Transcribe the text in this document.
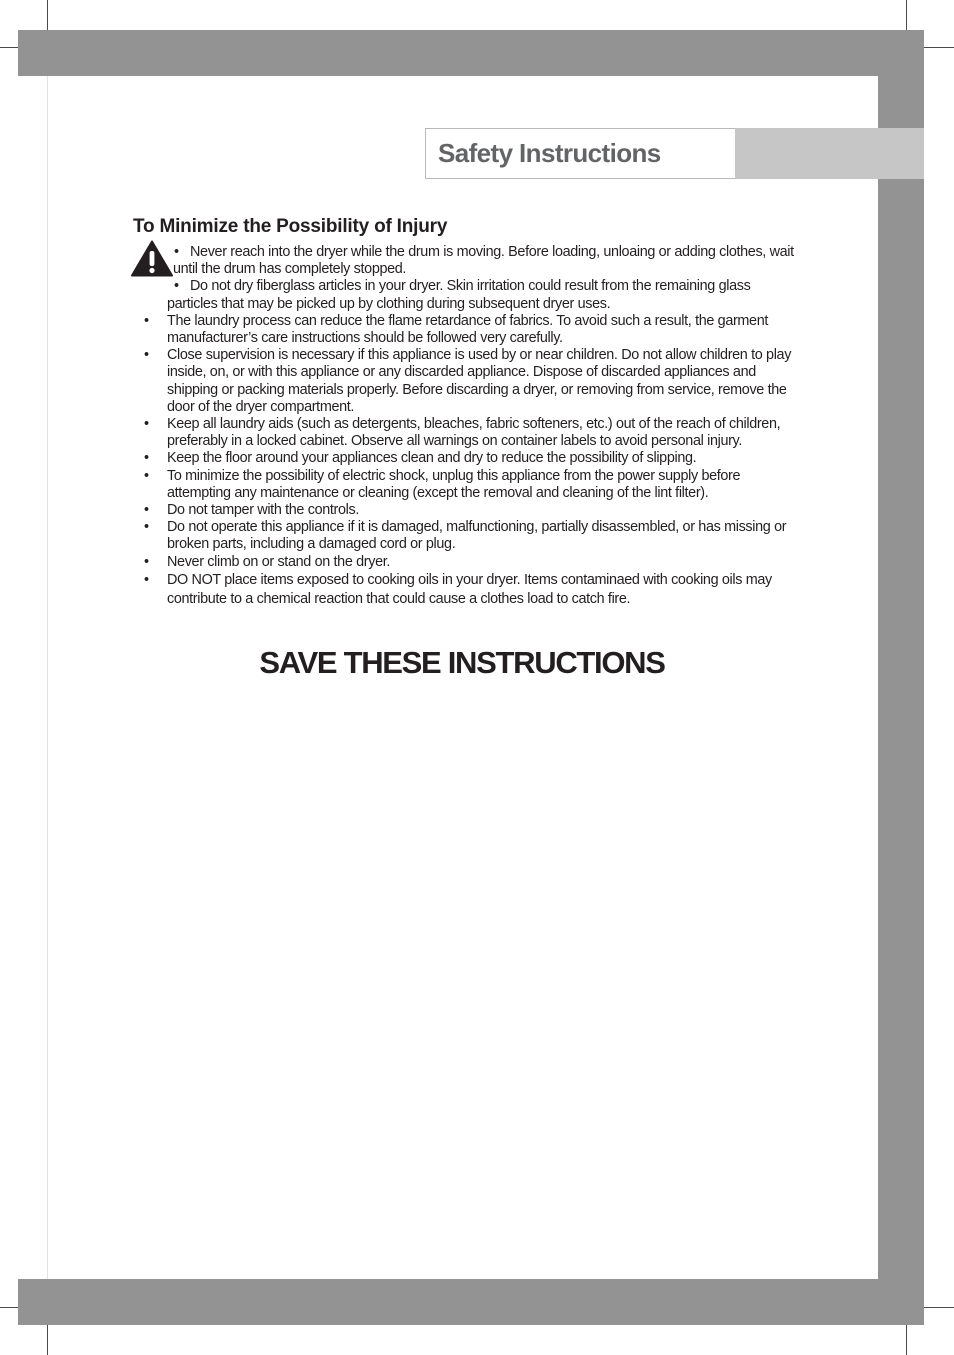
Safety Instructions
To Minimize the Possibility of Injury
• Never reach into the dryer while the drum is moving. Before loading, unloaing or adding clothes, wait until the drum has completely stopped.
• Do not dry fiberglass articles in your dryer. Skin irritation could result from the remaining glass particles that may be picked up by clothing during subsequent dryer uses.
• The laundry process can reduce the flame retardance of fabrics. To avoid such a result, the garment manufacturer’s care instructions should be followed very carefully.
• Close supervision is necessary if this appliance is used by or near children. Do not allow children to play inside, on, or with this appliance or any discarded appliance. Dispose of discarded appliances and shipping or packing materials properly. Before discarding a dryer, or removing from service, remove the door of the dryer compartment.
• Keep all laundry aids (such as detergents, bleaches, fabric softeners, etc.) out of the reach of children, preferably in a locked cabinet. Observe all warnings on container labels to avoid personal injury.
• Keep the floor around your appliances clean and dry to reduce the possibility of slipping.
• To minimize the possibility of electric shock, unplug this appliance from the power supply before attempting any maintenance or cleaning (except the removal and cleaning of the lint filter).
• Do not tamper with the controls.
• Do not operate this appliance if it is damaged, malfunctioning, partially disassembled, or has missing or broken parts, including a damaged cord or plug.
• Never climb on or stand on the dryer.
• DO NOT place items exposed to cooking oils in your dryer. Items contaminaed with cooking oils may contribute to a chemical reaction that could cause a clothes load to catch fire.
SAVE THESE INSTRUCTIONS
